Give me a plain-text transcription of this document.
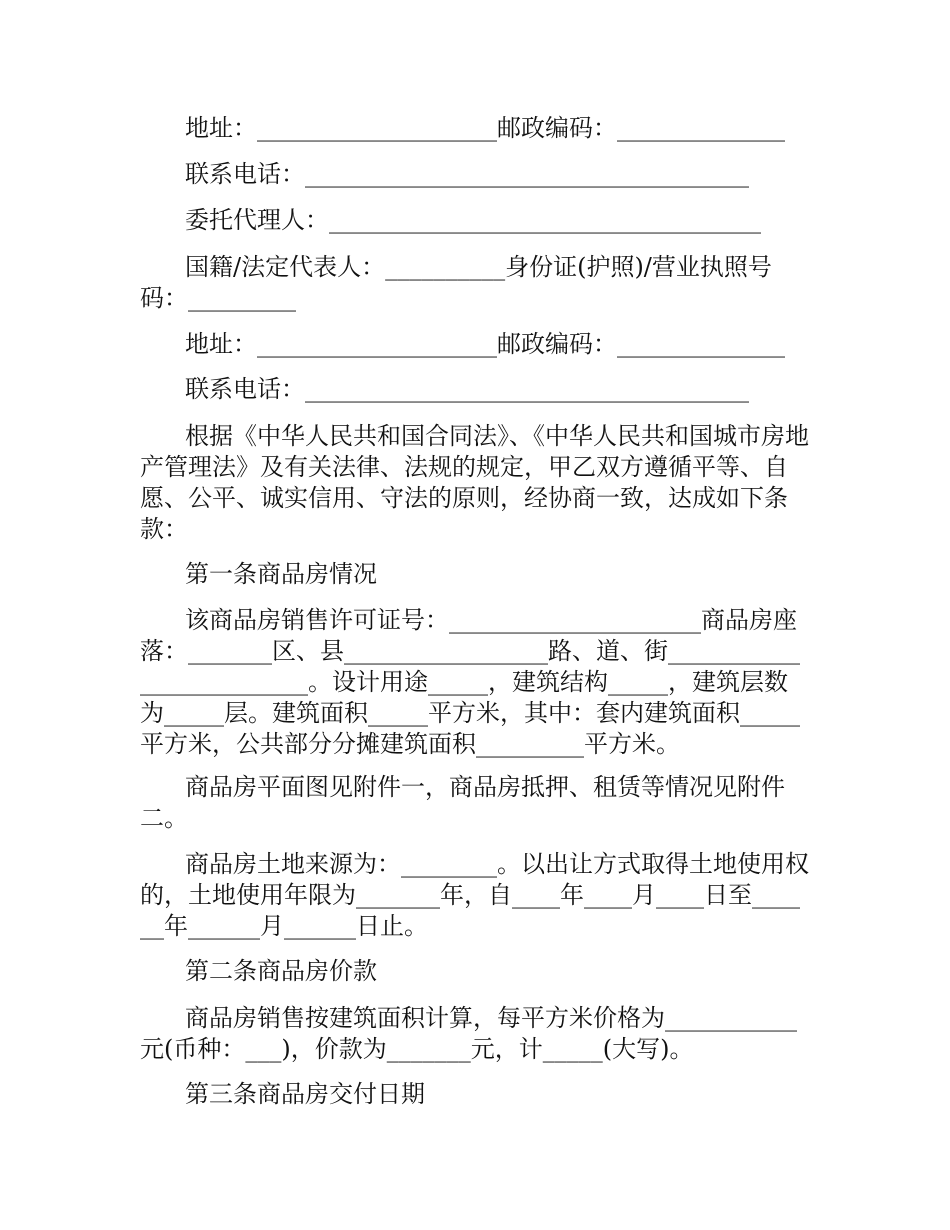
地址：____________________邮政编码：______________
联系电话：_____________________________________
委托代理人：____________________________________
国籍/法定代表人：__________身份证(护照)/营业执照号码：_________
地址：____________________邮政编码：______________
联系电话：_____________________________________
根据《中华人民共和国合同法》、《中华人民共和国城市房地产管理法》及有关法律、法规的规定，甲乙双方遵循平等、自愿、公平、诚实信用、守法的原则，经协商一致，达成如下条款：
第一条商品房情况
该商品房销售许可证号：_____________________商品房座落：_______区、县_________________路、道、街_________________________。设计用途_____，建筑结构_____，建筑层数为_____层。建筑面积_____平方米，其中：套内建筑面积_____平方米，公共部分分摊建筑面积_________平方米。
商品房平面图见附件一，商品房抵押、租赁等情况见附件二。
商品房土地来源为：________。以出让方式取得土地使用权的，土地使用年限为_______年，自____年____月____日至______年______月______日止。
第二条商品房价款
商品房销售按建筑面积计算，每平方米价格为___________元(币种：___)，价款为_______元，计_____(大写)。
第三条商品房交付日期
